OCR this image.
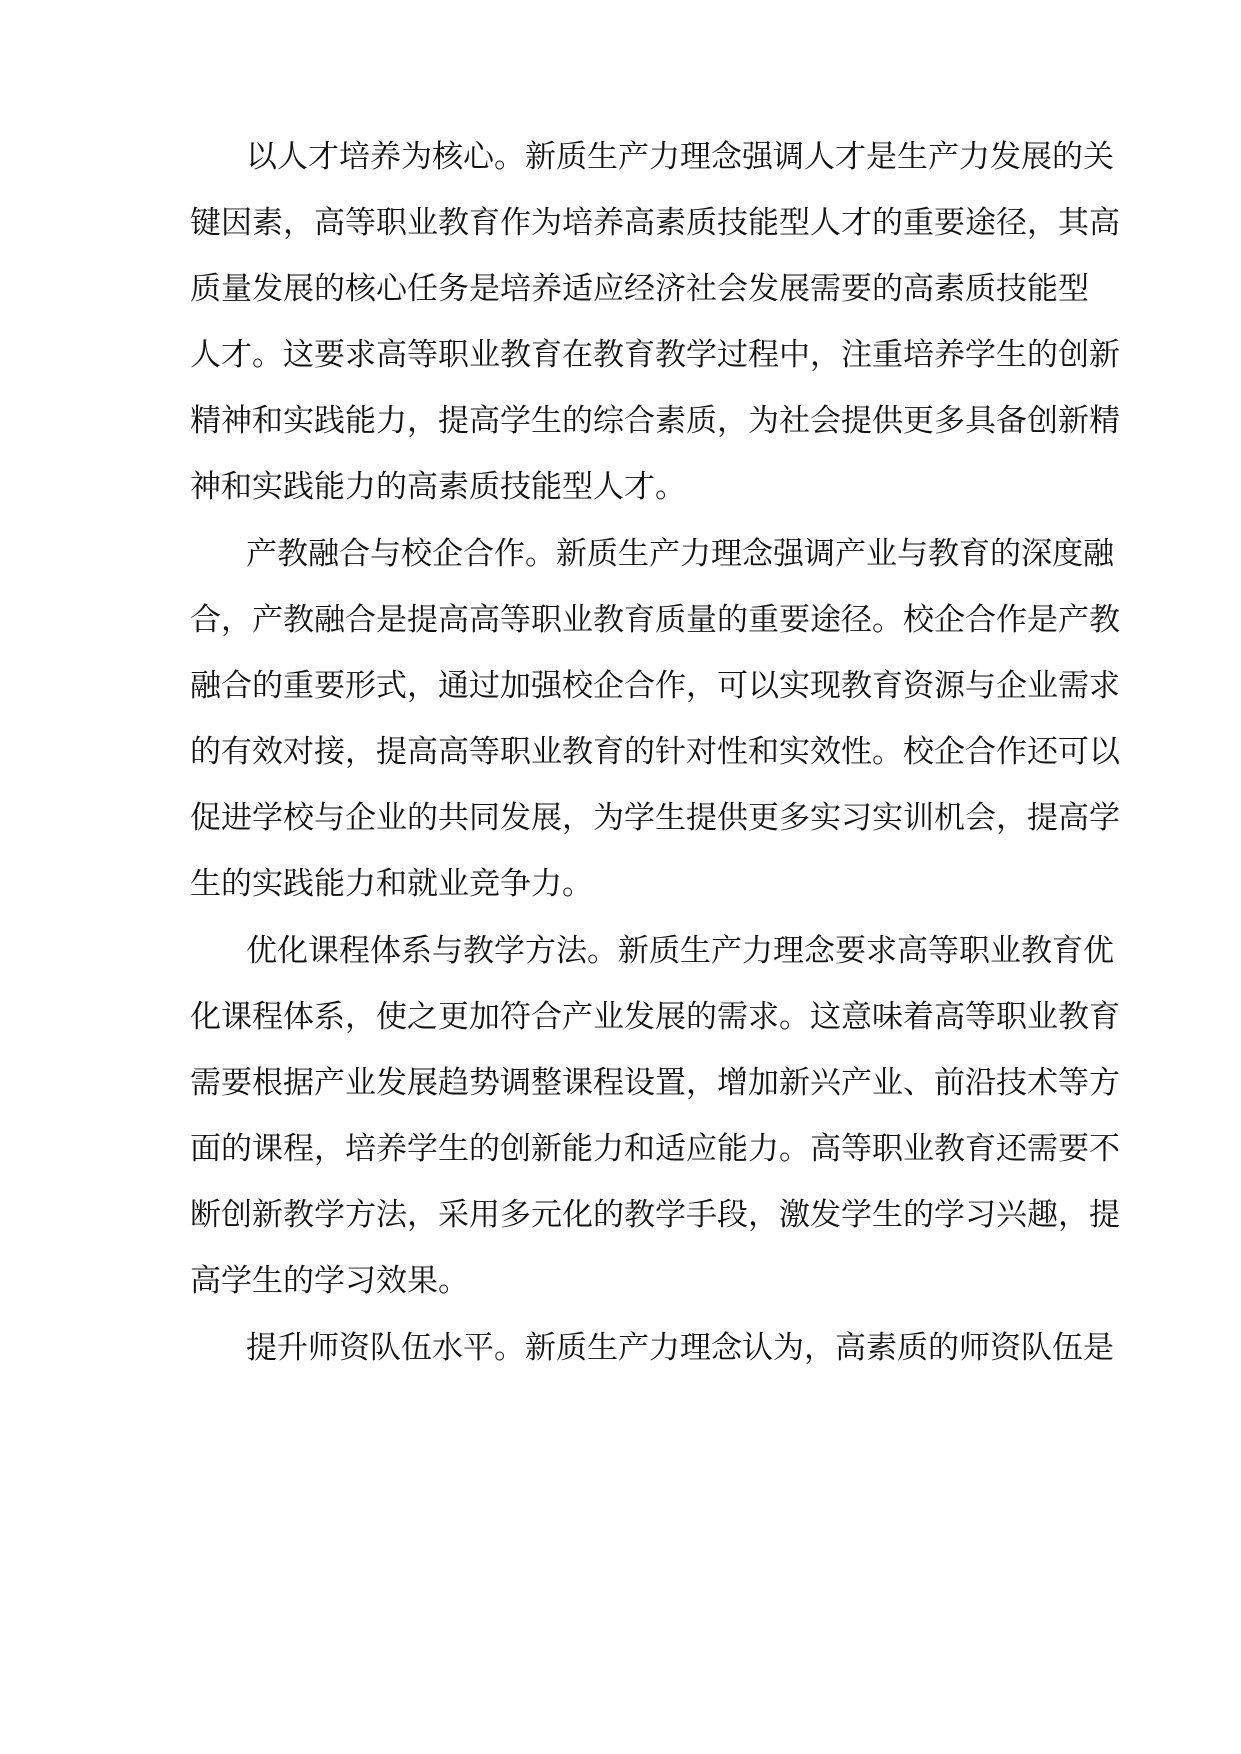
以人才培养为核心。新质生产力理念强调人才是生产力发展的关
键因素，高等职业教育作为培养高素质技能型人才的重要途径，其高
质量发展的核心任务是培养适应经济社会发展需要的高素质技能型
人才。这要求高等职业教育在教育教学过程中，注重培养学生的创新
精神和实践能力，提高学生的综合素质，为社会提供更多具备创新精
神和实践能力的高素质技能型人才。
产教融合与校企合作。新质生产力理念强调产业与教育的深度融
合，产教融合是提高高等职业教育质量的重要途径。校企合作是产教
融合的重要形式，通过加强校企合作，可以实现教育资源与企业需求
的有效对接，提高高等职业教育的针对性和实效性。校企合作还可以
促进学校与企业的共同发展，为学生提供更多实习实训机会，提高学
生的实践能力和就业竞争力。
优化课程体系与教学方法。新质生产力理念要求高等职业教育优
化课程体系，使之更加符合产业发展的需求。这意味着高等职业教育
需要根据产业发展趋势调整课程设置，增加新兴产业、前沿技术等方
面的课程，培养学生的创新能力和适应能力。高等职业教育还需要不
断创新教学方法，采用多元化的教学手段，激发学生的学习兴趣，提
高学生的学习效果。
提升师资队伍水平。新质生产力理念认为，高素质的师资队伍是
